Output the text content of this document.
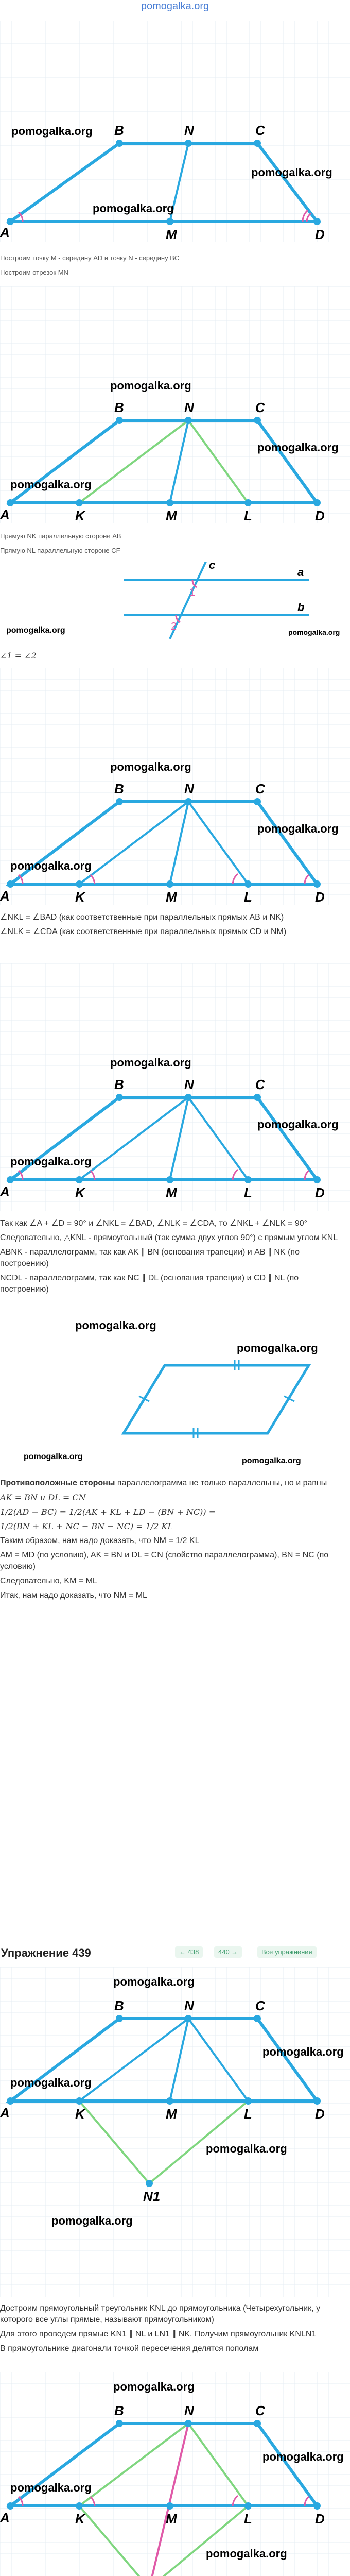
pomogalka.org
B	N	C
A	M	D
pomogalka.org
pomogalka.org
pomogalka.org

Построим точку M - середину AD и точку N - середину BC

Построим отрезок MN

B	N	C
A	K	M	L	D
pomogalka.org
pomogalka.org
pomogalka.org

Прямую NK параллельную стороне AB

Прямую NL параллельную стороне CF

c
a
b
1
2
pomogalka.org	pomogalka.org

∠1 = ∠2

B	N	C
A	K	M	L	D
pomogalka.org
pomogalka.org
pomogalka.org

∠NKL = ∠BAD (как соответственные при параллельных прямых AB и NK)

∠NLK = ∠CDA (как соответственные при параллельных прямых CD и NM)

B	N	C
A	K	M	L	D
pomogalka.org
pomogalka.org
pomogalka.org

Так как ∠A + ∠D = 90° и ∠NKL = ∠BAD, ∠NLK = ∠CDA, то ∠NKL + ∠NLK = 90°

Следовательно, △KNL - прямоугольный (так сумма двух углов 90°) с прямым углом KNL

ABNK - параллелограмм, так как AK ∥ BN (основания трапеции) и AB ∥ NK (по построению)

NCDL - параллелограмм, так как NC ∥ DL (основания трапеции) и CD ∥ NL (по построению)

pomogalka.org
pomogalka.org
pomogalka.org	pomogalka.org

Противоположные стороны параллелограмма не только параллельны, но и равны

AK = BN и DL = CN

1/2(AD − BC) = 1/2(AK + KL + LD − (BN + NC)) =

1/2(BN + KL + NC − BN − NC) = 1/2 KL

Таким образом, нам надо доказать, что NM = 1/2 KL

AM = MD (по условию), AK = BN и DL = CN (свойство параллелограмма), BN = NC (по условию)

Следовательно, KM = ML

Итак, нам надо доказать, что NM = ML

Упражнение 439	← 438	440 →	Все упражнения
B	N	C
A	K	M	L	D
N1
pomogalka.org
pomogalka.org
pomogalka.org
pomogalka.org
pomogalka.org

Достроим прямоугольный треугольник KNL до прямоугольника (Четырехугольник, у которого все углы прямые, называют прямоугольником)

Для этого проведем прямые KN1 ∥ NL и LN1 ∥ NK. Получим прямоугольник KNLN1

В прямоугольнике диагонали точкой пересечения делятся пополам

B	N	C
A	K	M	L	D
pomogalka.org
pomogalka.org
pomogalka.org
pomogalka.org
